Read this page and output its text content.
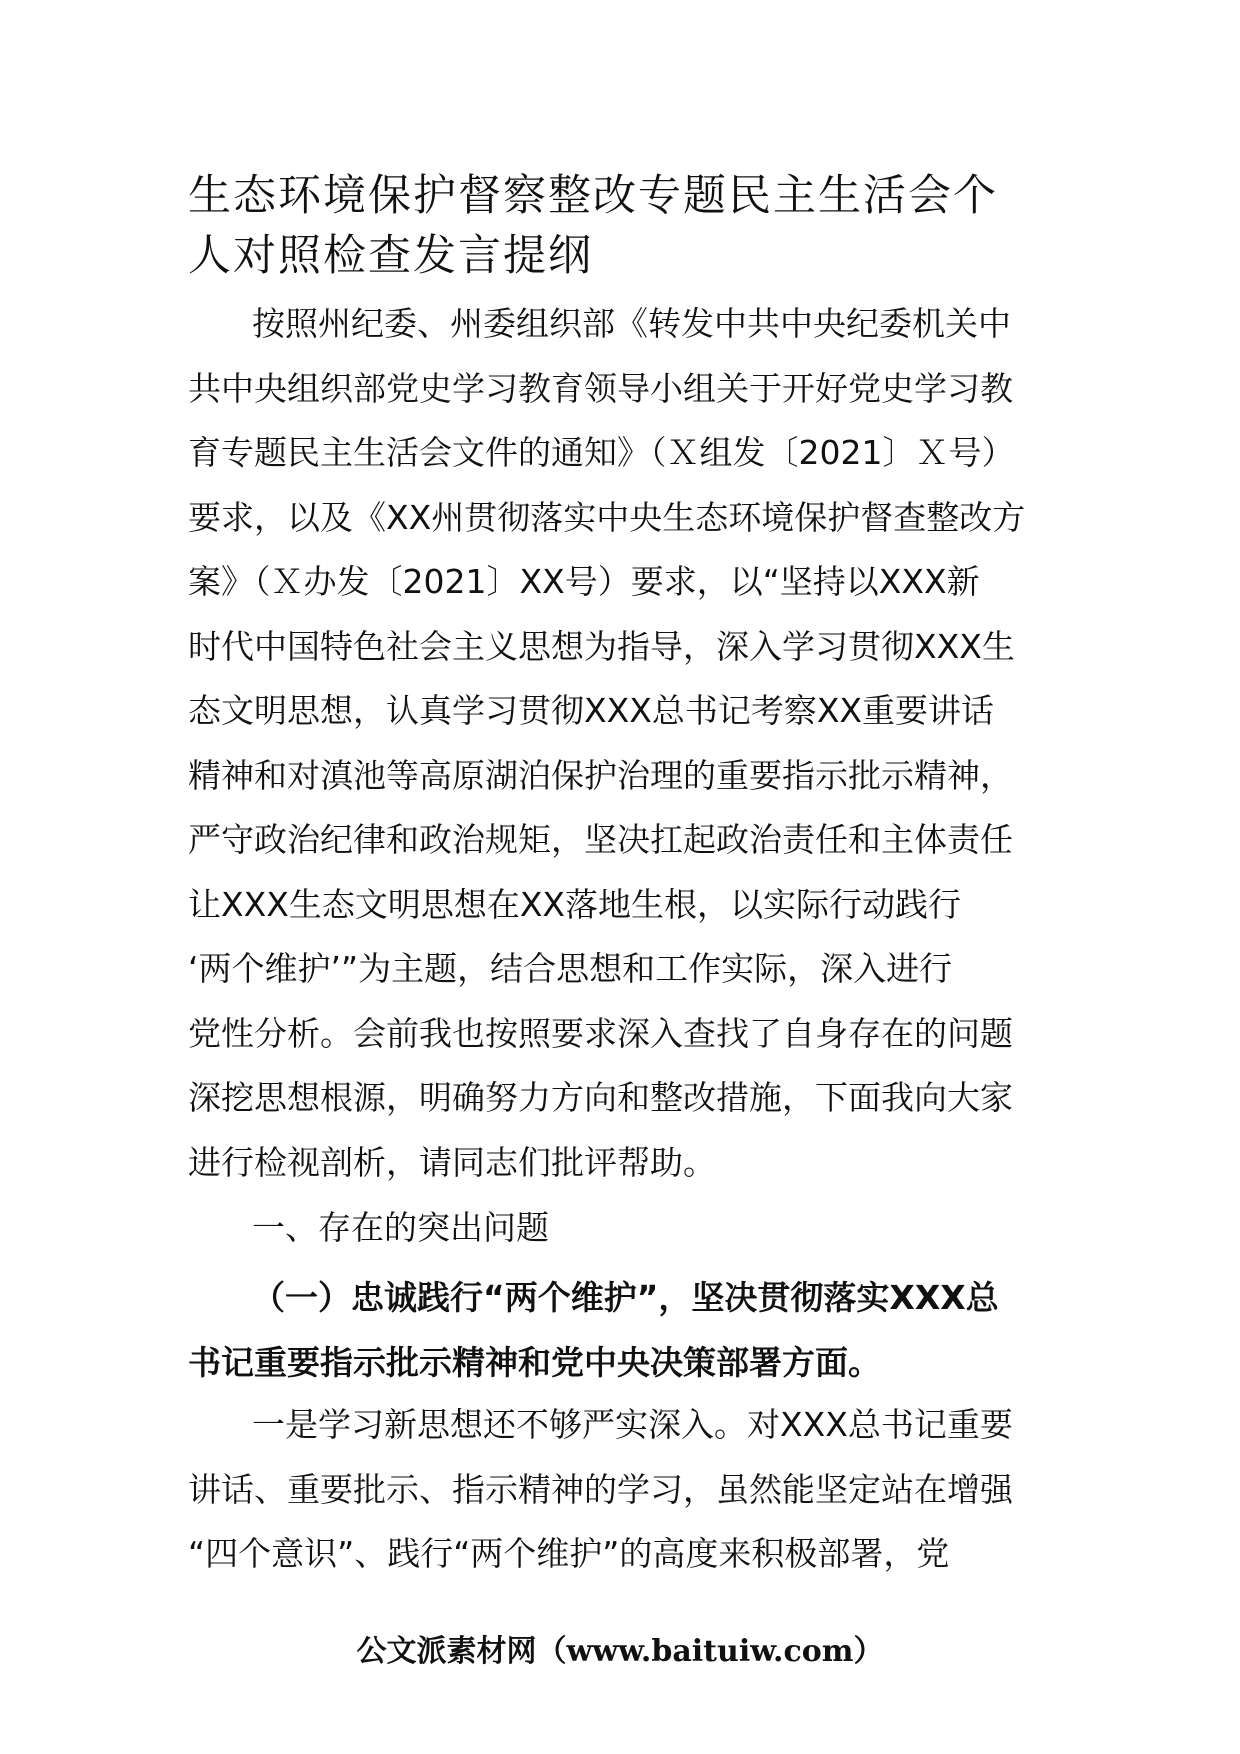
生态环境保护督察整改专题民主生活会个
人对照检查发言提纲
按照州纪委、州委组织部《转发中共中央纪委机关中
共中央组织部党史学习教育领导小组关于开好党史学习教
育专题民主生活会文件的通知》（Ｘ组发〔2021〕Ｘ号）
要求，以及《XX州贯彻落实中央生态环境保护督查整改方
案》（Ｘ办发〔2021〕XX号）要求，以“坚持以XXX新
时代中国特色社会主义思想为指导，深入学习贯彻XXX生
态文明思想，认真学习贯彻XXX总书记考察XX重要讲话
精神和对滇池等高原湖泊保护治理的重要指示批示精神，
严守政治纪律和政治规矩，坚决扛起政治责任和主体责任
让XXX生态文明思想在XX落地生根，以实际行动践行
‘两个维护’”为主题，结合思想和工作实际，深入进行
党性分析。会前我也按照要求深入查找了自身存在的问题
深挖思想根源，明确努力方向和整改措施，下面我向大家
进行检视剖析，请同志们批评帮助。

一、存在的突出问题

（一）忠诚践行“两个维护”，坚决贯彻落实XXX总
书记重要指示批示精神和党中央决策部署方面。
一是学习新思想还不够严实深入。对XXX总书记重要
讲话、重要批示、指示精神的学习，虽然能坚定站在增强
“四个意识”、践行“两个维护”的高度来积极部署，党

公文派素材网（www.baituiw.com）
